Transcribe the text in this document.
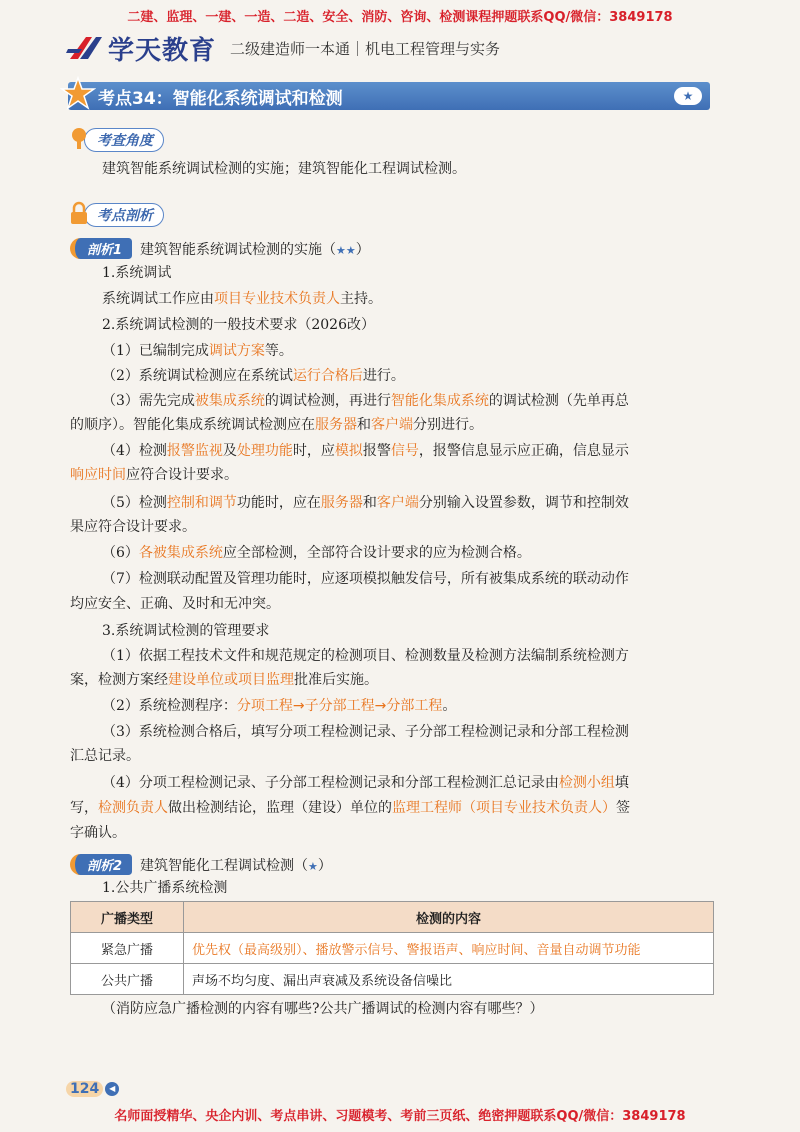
二建、监理、一建、一造、二造、安全、消防、咨询、检测课程押题联系QQ/微信：3849178
学天教育 二级建造师一本通｜机电工程管理与实务
考点34：智能化系统调试和检测	★
考查角度
建筑智能系统调试检测的实施；建筑智能化工程调试检测。
考点剖析
剖析1	建筑智能系统调试检测的实施（★★）
1.系统调试
系统调试工作应由项目专业技术负责人主持。
2.系统调试检测的一般技术要求（2026改）
（1）已编制完成调试方案等。
（2）系统调试检测应在系统试运行合格后进行。
（3）需先完成被集成系统的调试检测，再进行智能化集成系统的调试检测（先单再总
的顺序）。智能化集成系统调试检测应在服务器和客户端分别进行。
（4）检测报警监视及处理功能时，应模拟报警信号，报警信息显示应正确，信息显示
响应时间应符合设计要求。
（5）检测控制和调节功能时，应在服务器和客户端分别输入设置参数，调节和控制效
果应符合设计要求。
（6）各被集成系统应全部检测，全部符合设计要求的应为检测合格。
（7）检测联动配置及管理功能时，应逐项模拟触发信号，所有被集成系统的联动动作
均应安全、正确、及时和无冲突。
3.系统调试检测的管理要求
（1）依据工程技术文件和规范规定的检测项目、检测数量及检测方法编制系统检测方
案，检测方案经建设单位或项目监理批准后实施。
（2）系统检测程序：分项工程→子分部工程→分部工程。
（3）系统检测合格后，填写分项工程检测记录、子分部工程检测记录和分部工程检测
汇总记录。
（4）分项工程检测记录、子分部工程检测记录和分部工程检测汇总记录由检测小组填
写，检测负责人做出检测结论，监理（建设）单位的监理工程师（项目专业技术负责人）签
字确认。
剖析2	建筑智能化工程调试检测（★）
1.公共广播系统检测
广播类型	检测的内容
紧急广播	优先权（最高级别）、播放警示信号、警报语声、响应时间、音量自动调节功能
公共广播	声场不均匀度、漏出声衰减及系统设备信噪比
（消防应急广播检测的内容有哪些?公共广播调试的检测内容有哪些？）
124	◀
名师面授精华、央企内训、考点串讲、习题模考、考前三页纸、绝密押题联系QQ/微信：3849178
